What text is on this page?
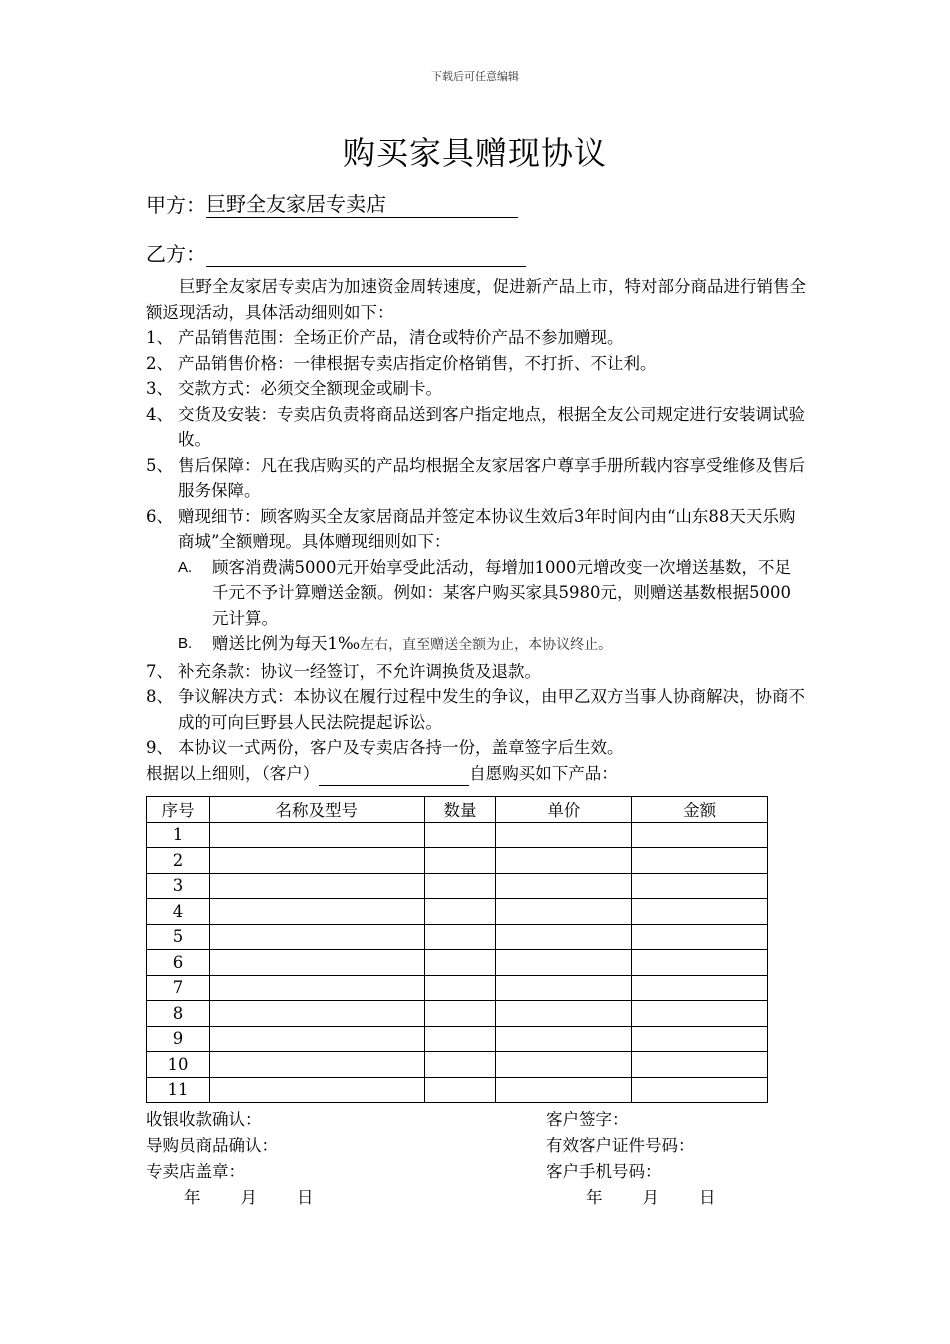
下载后可任意编辑
购买家具赠现协议
甲方：巨野全友家居专卖店
乙方：

巨野全友家居专卖店为加速资金周转速度，促进新产品上市，特对部分商品进行销售全额返现活动，具体活动细则如下：

1、 产品销售范围：全场正价产品，清仓或特价产品不参加赠现。
2、 产品销售价格：一律根据专卖店指定价格销售，不打折、不让利。
3、 交款方式：必须交全额现金或刷卡。
4、 交货及安装：专卖店负责将商品送到客户指定地点，根据全友公司规定进行安装调试验收。
5、 售后保障：凡在我店购买的产品均根据全友家居客户尊享手册所载内容享受维修及售后服务保障。
6、 赠现细节：顾客购买全友家居商品并签定本协议生效后3年时间内由“山东88天天乐购商城”全额赠现。具体赠现细则如下：
A.	顾客消费满5000元开始享受此活动，每增加1000元增改变一次增送基数，不足千元不予计算赠送金额。例如：某客户购买家具5980元，则赠送基数根据5000元计算。
B.	赠送比例为每天1‰左右，直至赠送全额为止，本协议终止。
7、 补充条款：协议一经签订，不允许调换货及退款。
8、 争议解决方式：本协议在履行过程中发生的争议，由甲乙双方当事人协商解决，协商不成的可向巨野县人民法院提起诉讼。
9、 本协议一式两份，客户及专卖店各持一份，盖章签字后生效。

根据以上细则，（客户）	自愿购买如下产品：

序号	名称及型号	数量	单价	金额
1				
2				
3				
4				
5				
6				
7				
8				
9				
10				
11				
收银收款确认：	客户签字：
导购员商品确认：	有效客户证件号码：
专卖店盖章：	客户手机号码：
年 月 日	年 月 日
